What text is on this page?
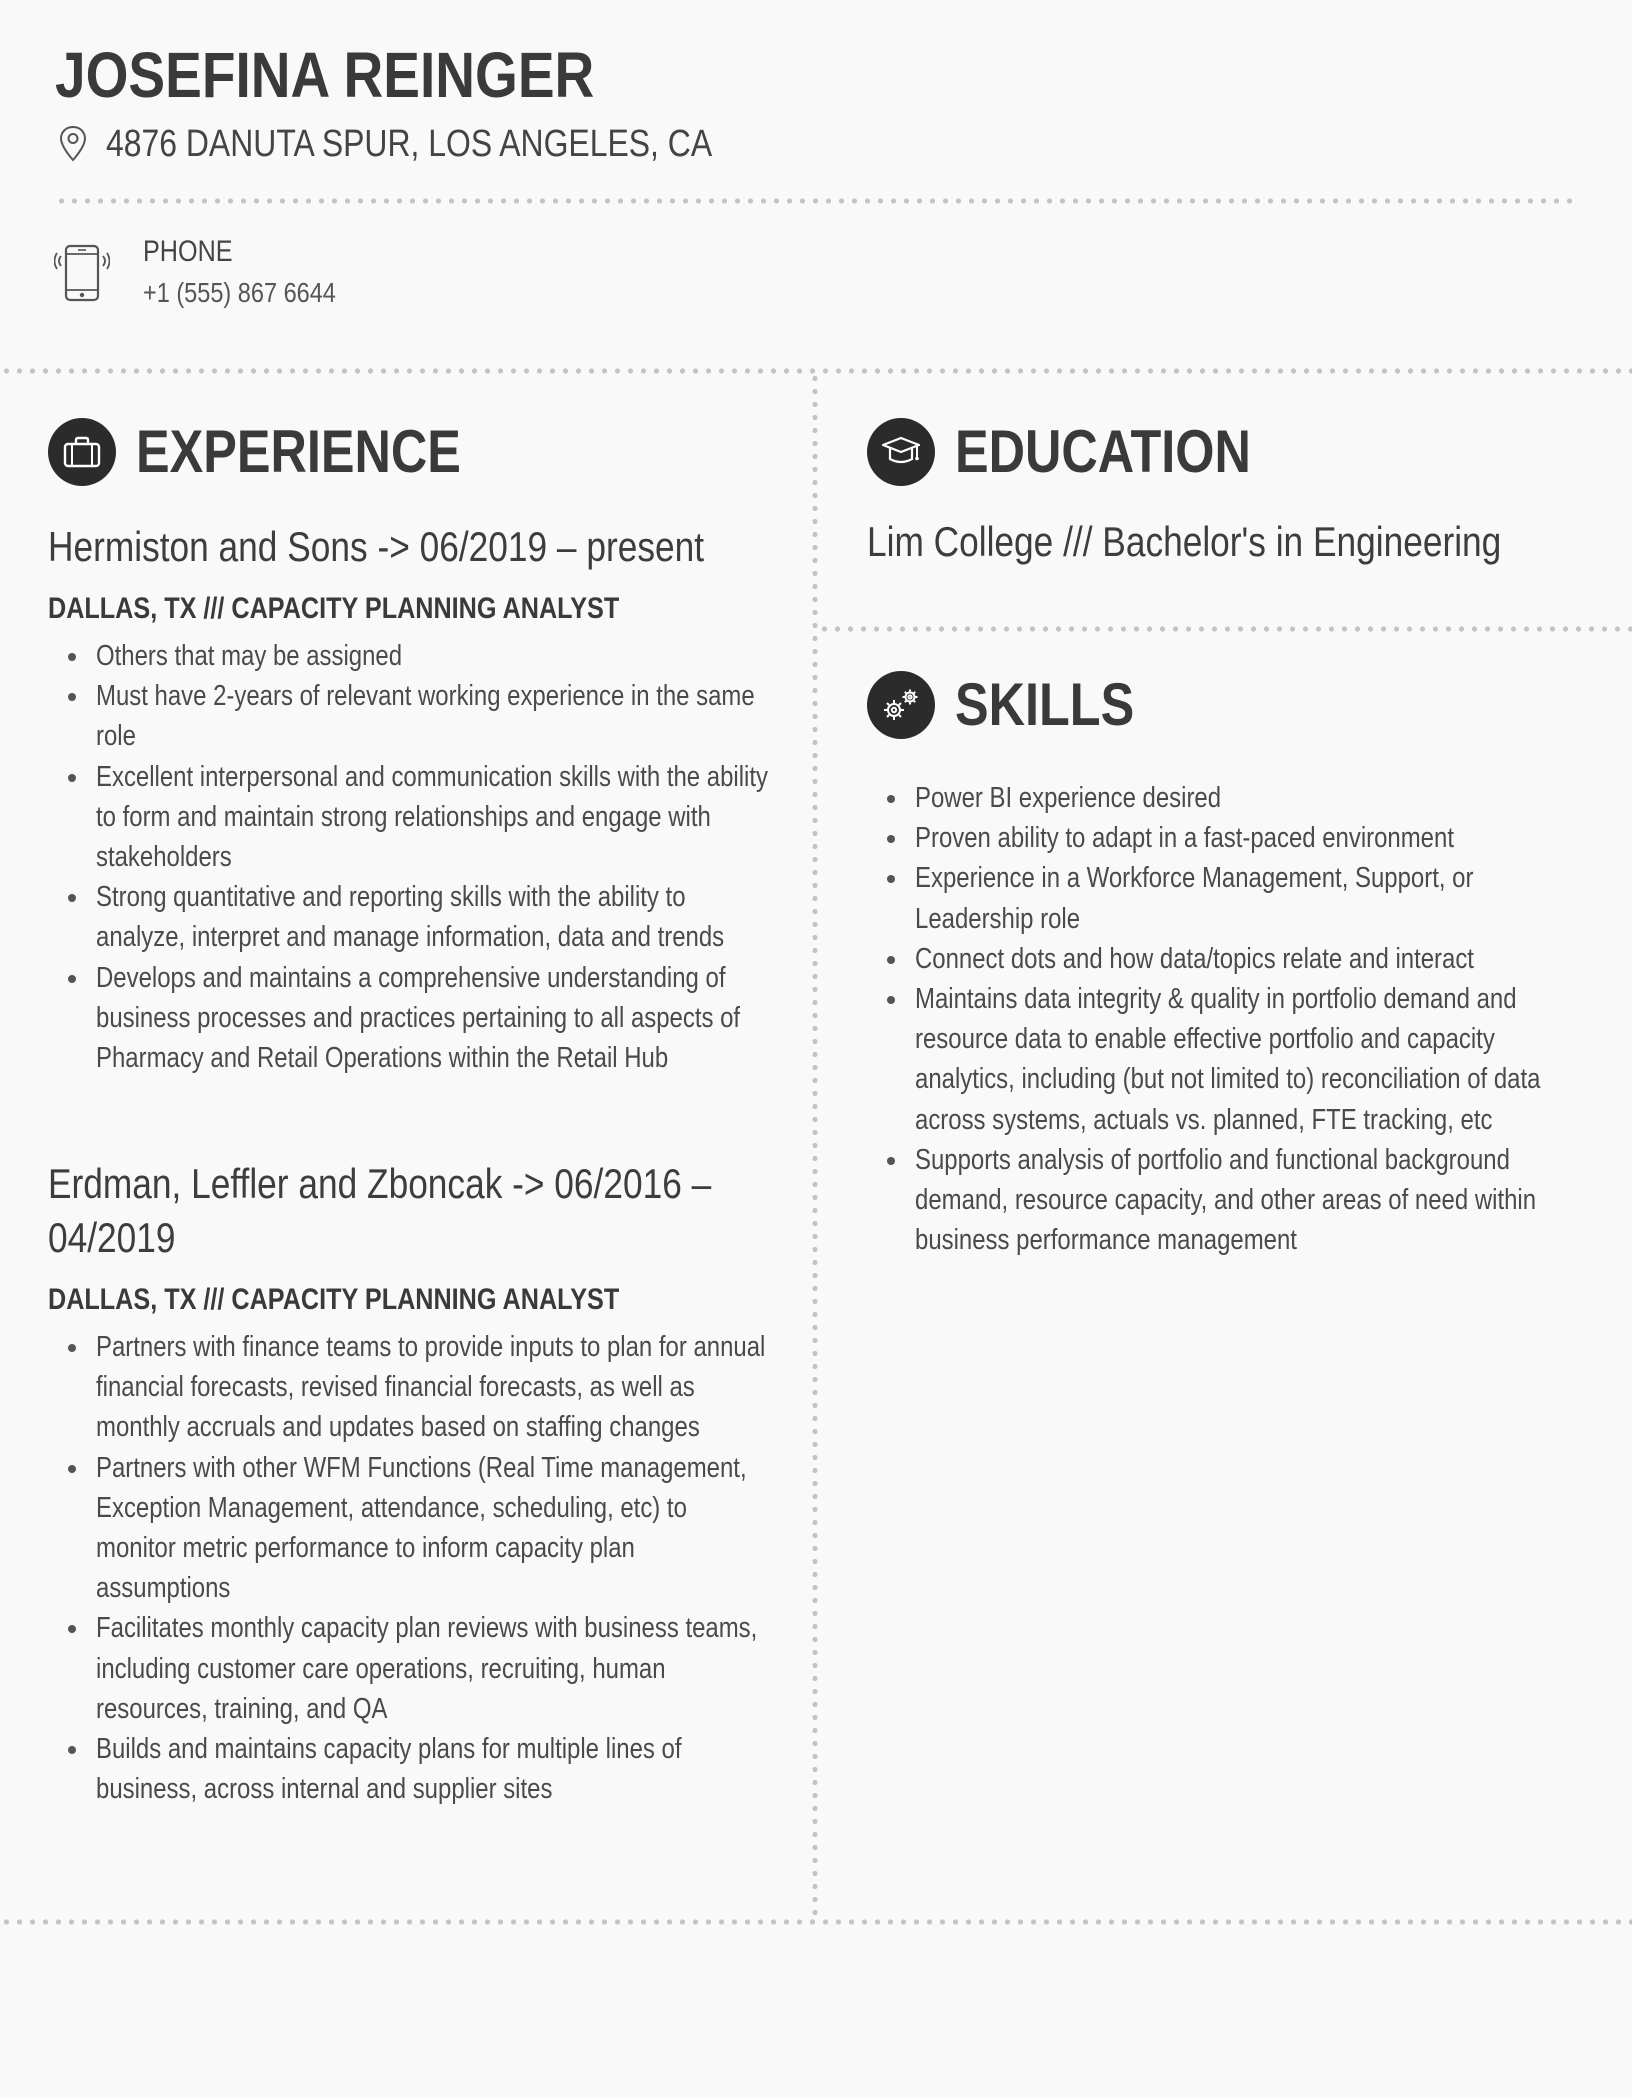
JOSEFINA REINGER
4876 DANUTA SPUR, LOS ANGELES, CA
PHONE
+1 (555) 867 6644
EXPERIENCE
Hermiston and Sons -> 06/2019 – present
DALLAS, TX /// CAPACITY PLANNING ANALYST
Others that may be assigned
Must have 2-years of relevant working experience in the same role
Excellent interpersonal and communication skills with the ability to form and maintain strong relationships and engage with stakeholders
Strong quantitative and reporting skills with the ability to analyze, interpret and manage information, data and trends
Develops and maintains a comprehensive understanding of business processes and practices pertaining to all aspects of Pharmacy and Retail Operations within the Retail Hub
Erdman, Leffler and Zboncak -> 06/2016 – 04/2019
DALLAS, TX /// CAPACITY PLANNING ANALYST
Partners with finance teams to provide inputs to plan for annual financial forecasts, revised financial forecasts, as well as monthly accruals and updates based on staffing changes
Partners with other WFM Functions (Real Time management, Exception Management, attendance, scheduling, etc) to monitor metric performance to inform capacity plan assumptions
Facilitates monthly capacity plan reviews with business teams, including customer care operations, recruiting, human resources, training, and QA
Builds and maintains capacity plans for multiple lines of business, across internal and supplier sites
EDUCATION
Lim College /// Bachelor's in Engineering
SKILLS
Power BI experience desired
Proven ability to adapt in a fast-paced environment
Experience in a Workforce Management, Support, or Leadership role
Connect dots and how data/topics relate and interact
Maintains data integrity & quality in portfolio demand and resource data to enable effective portfolio and capacity analytics, including (but not limited to) reconciliation of data across systems, actuals vs. planned, FTE tracking, etc
Supports analysis of portfolio and functional background demand, resource capacity, and other areas of need within business performance management
